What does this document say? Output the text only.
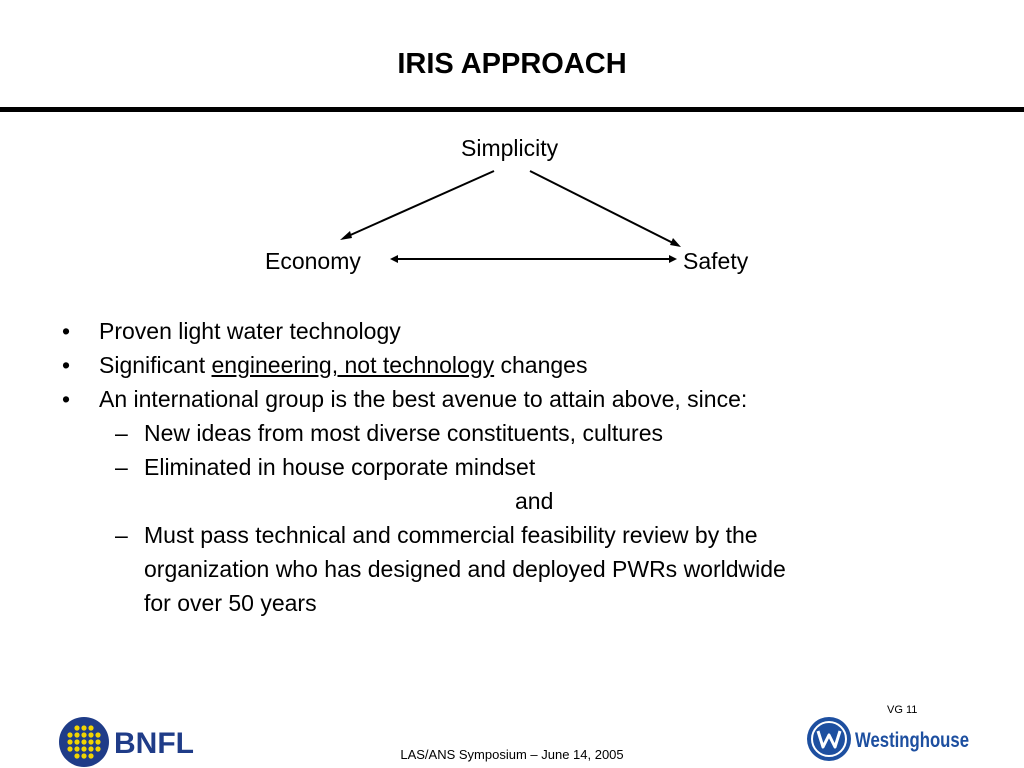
IRIS APPROACH
Simplicity
Economy	Safety
• Proven light water technology
• Significant engineering, not technology changes
• An international group is the best avenue to attain above, since:
– New ideas from most diverse constituents, cultures
– Eliminated in house corporate mindset
and
– Must pass technical and commercial feasibility review by the
organization who has designed and deployed PWRs worldwide
for over 50 years
VG 11
LAS/ANS Symposium – June 14, 2005
BNFL	Westinghouse
